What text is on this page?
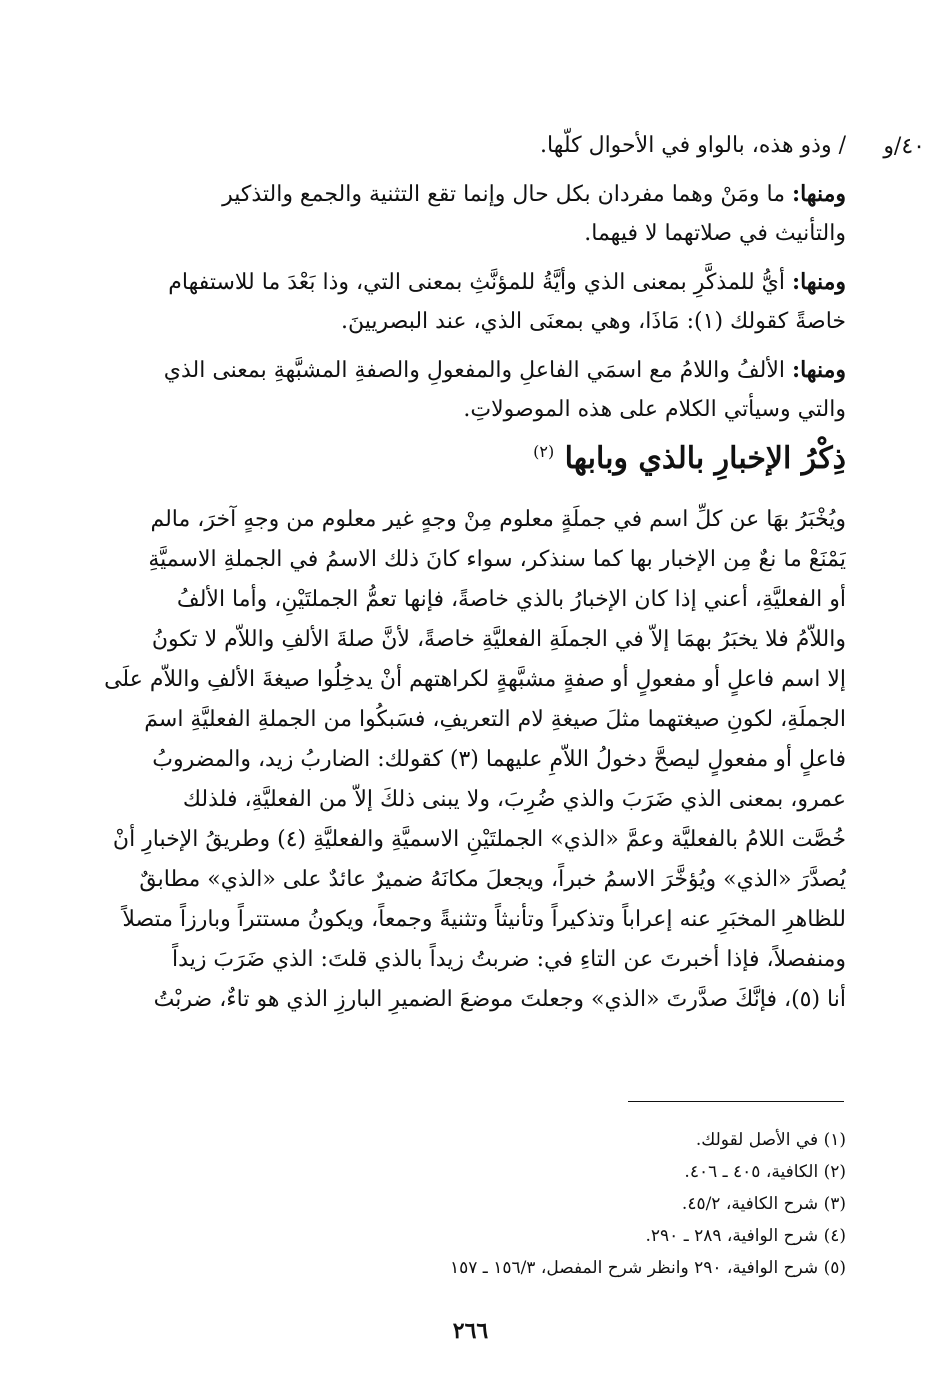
٤٠/و
/ وذو هذه، بالواو في الأحوال كلّها.
ومنها: ما ومَنْ وهما مفردان بكل حال وإنما تقع التثنية والجمع والتذكير
والتأنيث في صلاتهما لا فيهما.
ومنها: أيُّ للمذكَّرِ بمعنى الذي وأيَّةُ للمؤنَّثِ بمعنى التي، وذا بَعْدَ ما للاستفهام
خاصةً كقولك (١): مَاذَا، وهي بمعنَى الذي، عند البصريينَ.
ومنها: الألفُ واللامُ مع اسمَي الفاعلِ والمفعولِ والصفةِ المشبَّهةِ بمعنى الذي
والتي وسيأتي الكلام على هذه الموصولاتِ.
ذِكْرُ الإخبارِ بالذي وبابها $^{(٢)}$
ويُخْبَرُ بهَا عن كلِّ اسم في جملَةٍ معلوم مِنْ وجهٍ غير معلوم من وجهٍ آخرَ، مالم
يَمْنَعْ ما نعٌ مِن الإخبار بها كما سنذكر، سواء كانَ ذلك الاسمُ في الجملةِ الاسميَّةِ
أو الفعليَّةِ، أعني إذا كان الإخبارُ بالذي خاصةً، فإنها تعمُّ الجملتَيْنِ، وأما الألفُ
واللاّمُ فلا يخبَرُ بهمَا إلاّ في الجملَةِ الفعليَّةِ خاصةً، لأنَّ صلةَ الألفِ واللاّم لا تكونُ
إلا اسم فاعلٍ أو مفعولٍ أو صفةٍ مشبَّهةٍ لكراهتهم أنْ يدخِلُوا صيغةَ الألفِ واللاّم علَى
الجملَةِ، لكونِ صيغتهما مثلَ صيغةِ لام التعريفِ، فسَبكُوا من الجملةِ الفعليَّةِ اسمَ
فاعلٍ أو مفعولٍ ليصحَّ دخولُ اللاّمِ عليهما (٣) كقولك: الضاربُ زيد، والمضروبُ
عمرو، بمعنى الذي ضَرَبَ والذي ضُرِبَ، ولا يبنى ذلكَ إلاّ من الفعليَّةِ، فلذلك
خُصَّت اللامُ بالفعليَّة وعمَّ «الذي» الجملتَيْنِ الاسميَّةِ والفعليَّةِ (٤) وطريقُ الإخبارِ أنْ
يُصدَّرَ «الذي» ويُؤخَّرَ الاسمُ خبراً، ويجعلَ مكانَهُ ضميرٌ عائدٌ على «الذي» مطابقٌ
للظاهرِ المخبَرِ عنه إعراباً وتذكيراً وتأنيثاً وتثنيةً وجمعاً، ويكونُ مستتراً وبارزاً متصلاً
ومنفصلاً، فإذا أخبرتَ عن التاءِ في: ضربتُ زيداً بالذي قلتَ: الذي ضَرَبَ زيداً
أنا (٥)، فإنَّكَ صدَّرتَ «الذي» وجعلتَ موضعَ الضميرِ البارزِ الذي هو تاءٌ، ضربْتُ
(١) في الأصل لقولك.
(٢) الكافية، ٤٠٥ ـ ٤٠٦.
(٣) شرح الكافية، ٤٥/٢.
(٤) شرح الوافية، ٢٨٩ ـ ٢٩٠.
(٥) شرح الوافية، ٢٩٠ وانظر شرح المفصل، ١٥٦/٣ ـ ١٥٧
٢٦٦
